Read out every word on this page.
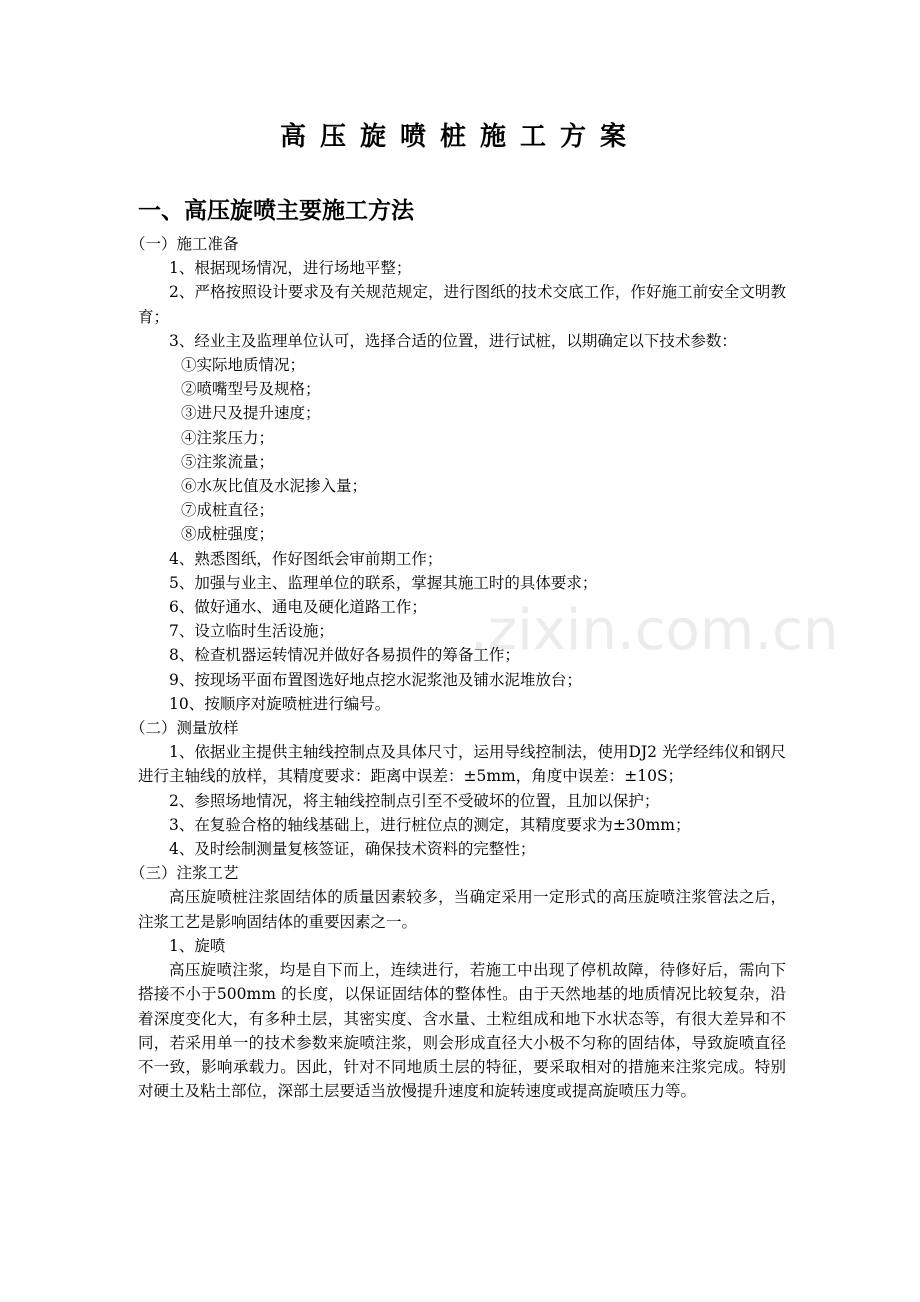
高压旋喷桩施工方案
一、高压旋喷主要施工方法

（一）施工准备

1、根据现场情况，进行场地平整；

2、严格按照设计要求及有关规范规定，进行图纸的技术交底工作，作好施工前安全文明教育；

3、经业主及监理单位认可，选择合适的位置，进行试桩，以期确定以下技术参数：

①实际地质情况；

②喷嘴型号及规格；

③进尺及提升速度；

④注浆压力；

⑤注浆流量；

⑥水灰比值及水泥掺入量；

⑦成桩直径；

⑧成桩强度；

4、熟悉图纸，作好图纸会审前期工作；

5、加强与业主、监理单位的联系，掌握其施工时的具体要求；

6、做好通水、通电及硬化道路工作；

7、设立临时生活设施；

8、检查机器运转情况并做好各易损件的筹备工作；

9、按现场平面布置图选好地点挖水泥浆池及铺水泥堆放台；

10、按顺序对旋喷桩进行编号。

（二）测量放样

1、依据业主提供主轴线控制点及具体尺寸，运用导线控制法，使用DJ2 光学经纬仪和钢尺进行主轴线的放样，其精度要求：距离中误差：±5mm，角度中误差：±10S；

2、参照场地情况，将主轴线控制点引至不受破坏的位置，且加以保护；

3、在复验合格的轴线基础上，进行桩位点的测定，其精度要求为±30mm；

4、及时绘制测量复核签证，确保技术资料的完整性；

（三）注浆工艺

高压旋喷桩注浆固结体的质量因素较多，当确定采用一定形式的高压旋喷注浆管法之后，注浆工艺是影响固结体的重要因素之一。

1、旋喷

高压旋喷注浆，均是自下而上，连续进行，若施工中出现了停机故障，待修好后，需向下搭接不小于500mm 的长度，以保证固结体的整体性。由于天然地基的地质情况比较复杂，沿着深度变化大，有多种土层，其密实度、含水量、土粒组成和地下水状态等，有很大差异和不同，若采用单一的技术参数来旋喷注浆，则会形成直径大小极不匀称的固结体，导致旋喷直径不一致，影响承载力。因此，针对不同地质土层的特征，要采取相对的措施来注浆完成。特别对硬土及粘土部位，深部土层要适当放慢提升速度和旋转速度或提高旋喷压力等。

.zixin.com.cn
